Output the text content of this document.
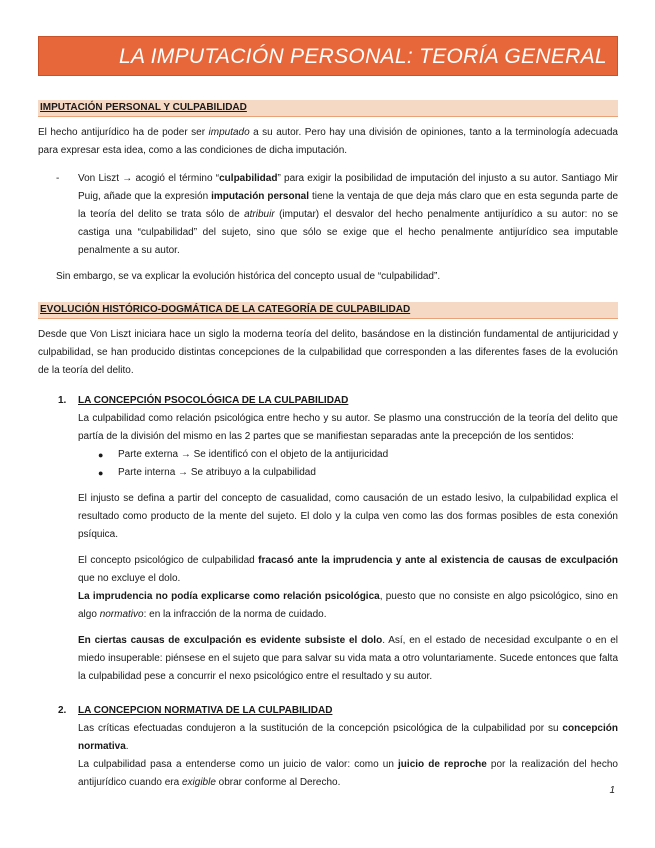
LA IMPUTACIÓN PERSONAL: TEORÍA GENERAL
IMPUTACIÓN PERSONAL Y CULPABILIDAD

El hecho antijurídico ha de poder ser imputado a su autor. Pero hay una división de opiniones, tanto a la terminología adecuada para expresar esta idea, como a las condiciones de dicha imputación.

- Von Liszt → acogió el término “culpabilidad” para exigir la posibilidad de imputación del injusto a su autor. Santiago Mir Puig, añade que la expresión imputación personal tiene la ventaja de que deja más claro que en esta segunda parte de la teoría del delito se trata sólo de atribuir (imputar) el desvalor del hecho penalmente antijurídico a su autor: no se castiga una “culpabilidad” del sujeto, sino que sólo se exige que el hecho penalmente antijurídico sea imputable penalmente a su autor.

Sin embargo, se va explicar la evolución histórica del concepto usual de “culpabilidad”.

EVOLUCIÓN HISTÓRICO-DOGMÁTICA DE LA CATEGORÍA DE CULPABILIDAD

Desde que Von Liszt iniciara hace un siglo la moderna teoría del delito, basándose en la distinción fundamental de antijuricidad y culpabilidad, se han producido distintas concepciones de la culpabilidad que corresponden a las diferentes fases de la evolución de la teoría del delito.

1. LA CONCEPCIÓN PSOCOLÓGICA DE LA CULPABILIDAD

La culpabilidad como relación psicológica entre hecho y su autor. Se plasmo una construcción de la teoría del delito que partía de la división del mismo en las 2 partes que se manifiestan separadas ante la precepción de los sentidos:

● Parte externa → Se identificó con el objeto de la antijuricidad
● Parte interna → Se atribuyo a la culpabilidad

El injusto se defina a partir del concepto de casualidad, como causación de un estado lesivo, la culpabilidad explica el resultado como producto de la mente del sujeto. El dolo y la culpa ven como las dos formas posibles de esta conexión psíquica.

El concepto psicológico de culpabilidad fracasó ante la imprudencia y ante al existencia de causas de exculpación que no excluye el dolo.

La imprudencia no podía explicarse como relación psicológica, puesto que no consiste en algo psicológico, sino en algo normativo: en la infracción de la norma de cuidado.

En ciertas causas de exculpación es evidente subsiste el dolo. Así, en el estado de necesidad exculpante o en el miedo insuperable: piénsese en el sujeto que para salvar su vida mata a otro voluntariamente. Sucede entonces que falta la culpabilidad pese a concurrir el nexo psicológico entre el resultado y su autor.

2. LA CONCEPCION NORMATIVA DE LA CULPABILIDAD

Las críticas efectuadas condujeron a la sustitución de la concepción psicológica de la culpabilidad por su concepción normativa.

La culpabilidad pasa a entenderse como un juicio de valor: como un juicio de reproche por la realización del hecho antijurídico cuando era exigible obrar conforme al Derecho.

1
